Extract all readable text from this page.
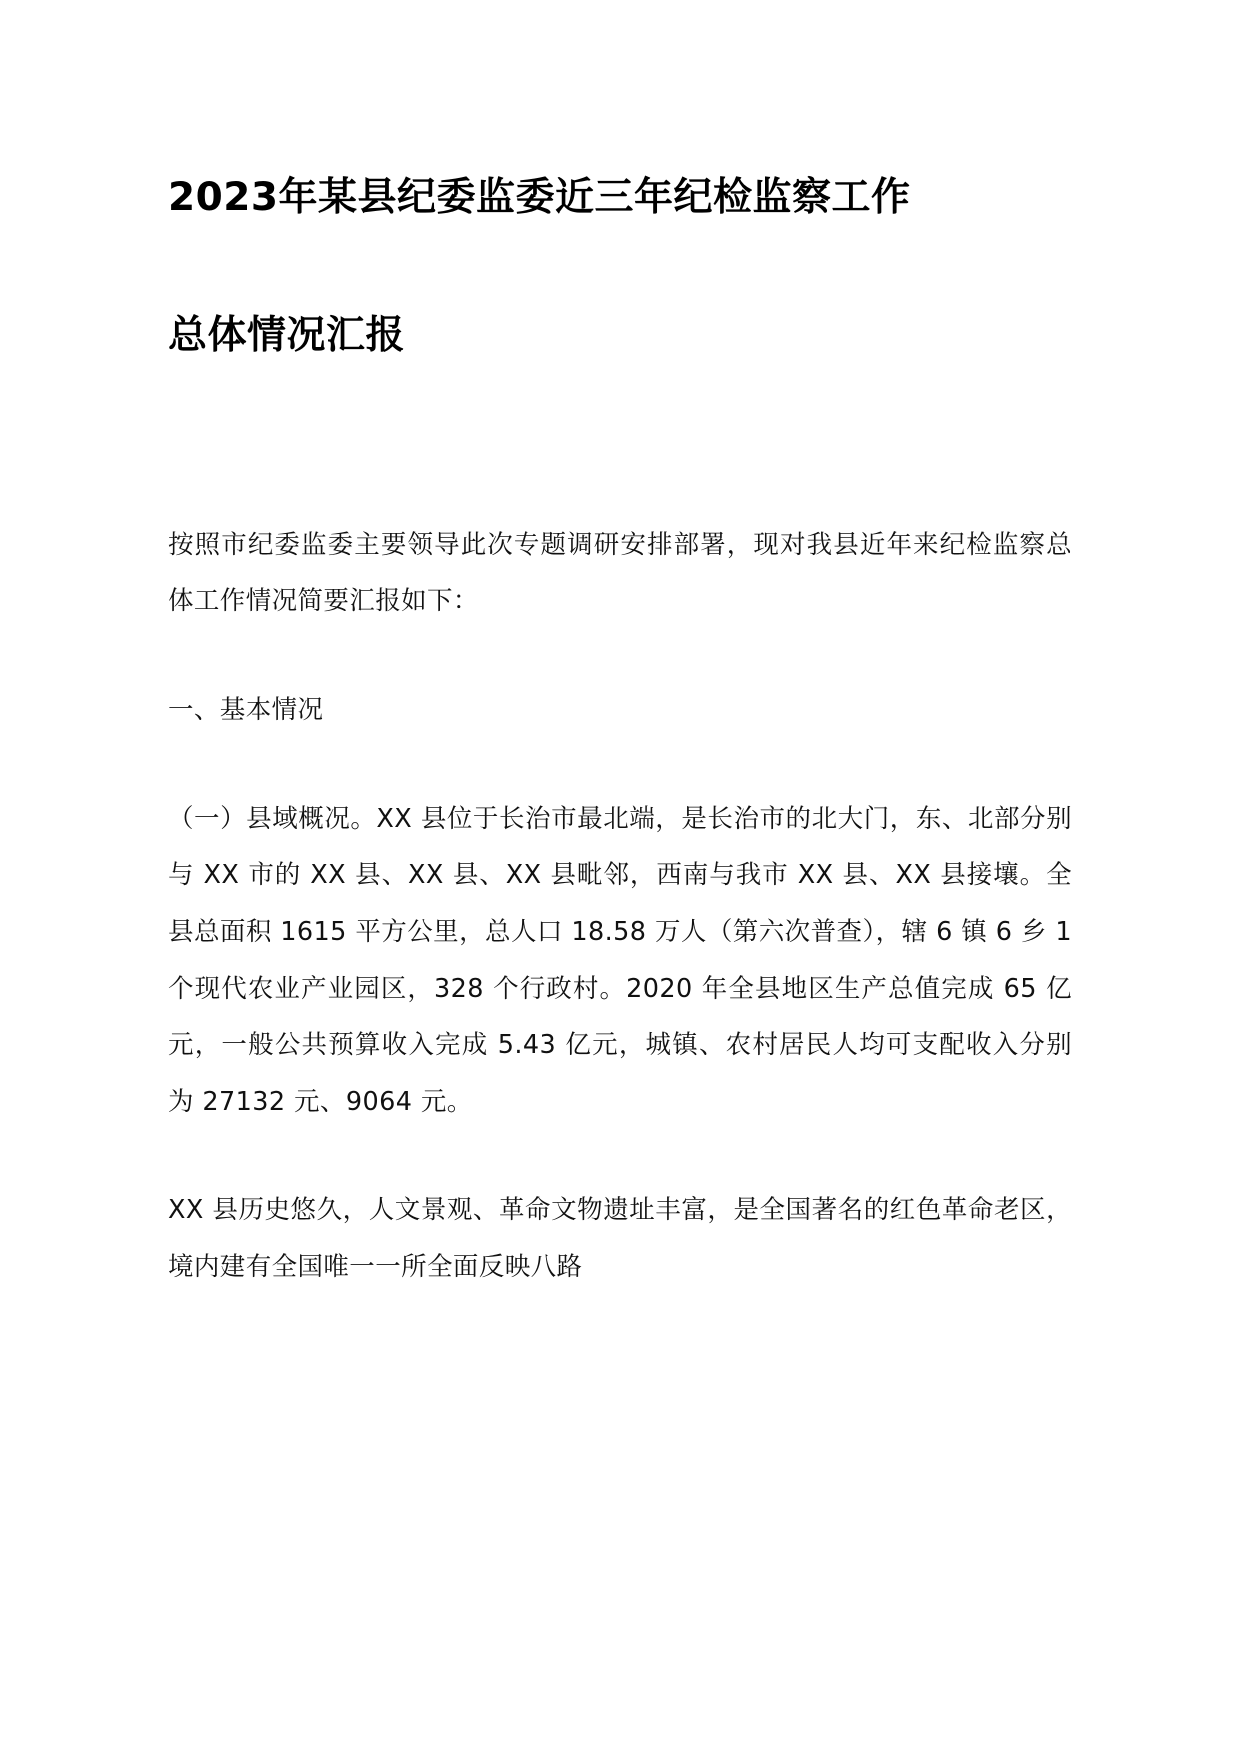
2023年某县纪委监委近三年纪检监察工作
总体情况汇报

按照市纪委监委主要领导此次专题调研安排部署，现对我县近年来纪检监察总体工作情况简要汇报如下：

一、基本情况

（一）县域概况。XX 县位于长治市最北端，是长治市的北大门，东、北部分别与 XX 市的 XX 县、XX 县、XX 县毗邻，西南与我市 XX 县、XX 县接壤。全县总面积 1615 平方公里，总人口 18.58 万人（第六次普查），辖 6 镇 6 乡 1 个现代农业产业园区，328 个行政村。2020 年全县地区生产总值完成 65 亿元，一般公共预算收入完成 5.43 亿元，城镇、农村居民人均可支配收入分别为 27132 元、9064 元。

XX 县历史悠久，人文景观、革命文物遗址丰富，是全国著名的红色革命老区，境内建有全国唯一一所全面反映八路
